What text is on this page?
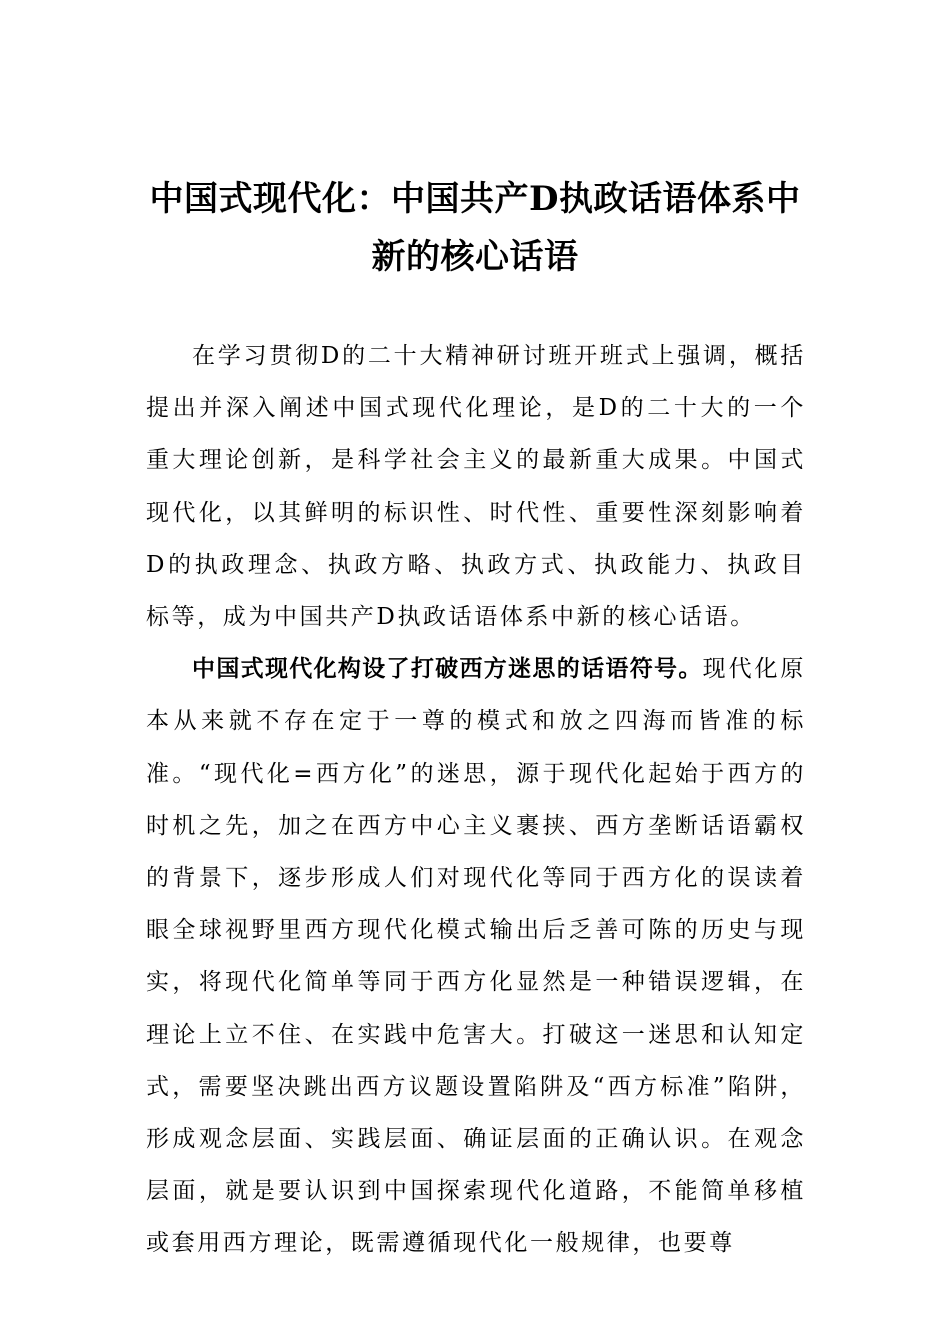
中国式现代化：中国共产D执政话语体系中新的核心话语

在学习贯彻D的二十大精神研讨班开班式上强调，概括提出并深入阐述中国式现代化理论，是D的二十大的一个重大理论创新，是科学社会主义的最新重大成果。中国式现代化，以其鲜明的标识性、时代性、重要性深刻影响着D的执政理念、执政方略、执政方式、执政能力、执政目标等，成为中国共产D执政话语体系中新的核心话语。

中国式现代化构设了打破西方迷思的话语符号。现代化原本从来就不存在定于一尊的模式和放之四海而皆准的标准。“现代化=西方化”的迷思，源于现代化起始于西方的时机之先，加之在西方中心主义裹挟、西方垄断话语霸权的背景下，逐步形成人们对现代化等同于西方化的误读着眼全球视野里西方现代化模式输出后乏善可陈的历史与现实，将现代化简单等同于西方化显然是一种错误逻辑，在理论上立不住、在实践中危害大。打破这一迷思和认知定式，需要坚决跳出西方议题设置陷阱及“西方标准”陷阱，形成观念层面、实践层面、确证层面的正确认识。在观念层面，就是要认识到中国探索现代化道路，不能简单移植或套用西方理论，既需遵循现代化一般规律，也要尊
